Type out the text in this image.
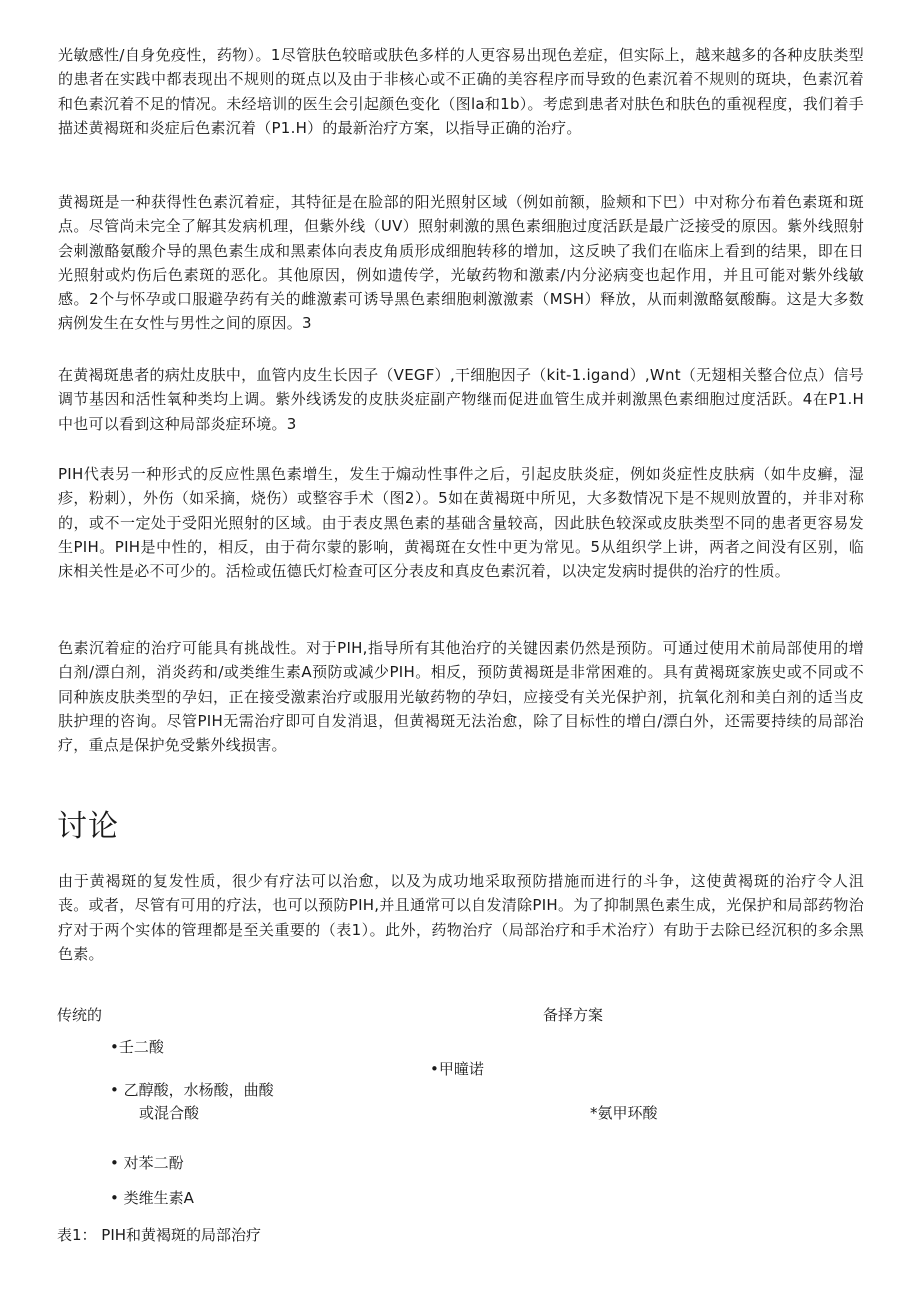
光敏感性/自身免疫性，药物）。1尽管肤色较暗或肤色多样的人更容易出现色差症，但实际上，越来越多的各种皮肤类型的患者在实践中都表现出不规则的斑点以及由于非核心或不正确的美容程序而导致的色素沉着不规则的斑块，色素沉着和色素沉着不足的情况。未经培训的医生会引起颜色变化（图la和1b）。考虑到患者对肤色和肤色的重视程度，我们着手描述黄褐斑和炎症后色素沉着（P1.H）的最新治疗方案，以指导正确的治疗。

黄褐斑是一种获得性色素沉着症，其特征是在脸部的阳光照射区域（例如前额，脸颊和下巴）中对称分布着色素斑和斑点。尽管尚未完全了解其发病机理，但紫外线（UV）照射刺激的黑色素细胞过度活跃是最广泛接受的原因。紫外线照射会刺激酪氨酸介导的黑色素生成和黑素体向表皮角质形成细胞转移的增加，这反映了我们在临床上看到的结果，即在日光照射或灼伤后色素斑的恶化。其他原因，例如遗传学，光敏药物和激素/内分泌病变也起作用，并且可能对紫外线敏感。2个与怀孕或口服避孕药有关的雌激素可诱导黑色素细胞刺激激素（MSH）释放，从而刺激酪氨酸酶。这是大多数病例发生在女性与男性之间的原因。3

在黄褐斑患者的病灶皮肤中，血管内皮生长因子（VEGF）,干细胞因子（kit-1.igand）,Wnt（无翅相关整合位点）信号调节基因和活性氧种类均上调。紫外线诱发的皮肤炎症副产物继而促进血管生成并刺激黑色素细胞过度活跃。4在P1.H中也可以看到这种局部炎症环境。3

PIH代表另一种形式的反应性黑色素增生，发生于煽动性事件之后，引起皮肤炎症，例如炎症性皮肤病（如牛皮癣，湿疹，粉刺），外伤（如采摘，烧伤）或整容手术（图2）。5如在黄褐斑中所见，大多数情况下是不规则放置的，并非对称的，或不一定处于受阳光照射的区域。由于表皮黑色素的基础含量较高，因此肤色较深或皮肤类型不同的患者更容易发生PIH。PIH是中性的，相反，由于荷尔蒙的影响，黄褐斑在女性中更为常见。5从组织学上讲，两者之间没有区别，临床相关性是必不可少的。活检或伍德氏灯检查可区分表皮和真皮色素沉着，以决定发病时提供的治疗的性质。

色素沉着症的治疗可能具有挑战性。对于PIH,指导所有其他治疗的关键因素仍然是预防。可通过使用术前局部使用的增白剂/漂白剂，消炎药和/或类维生素A预防或减少PIH。相反，预防黄褐斑是非常困难的。具有黄褐斑家族史或不同或不同种族皮肤类型的孕妇，正在接受激素治疗或服用光敏药物的孕妇，应接受有关光保护剂，抗氧化剂和美白剂的适当皮肤护理的咨询。尽管PIH无需治疗即可自发消退，但黄褐斑无法治愈，除了目标性的增白/漂白外，还需要持续的局部治疗，重点是保护免受紫外线损害。

讨论

由于黄褐斑的复发性质，很少有疗法可以治愈，以及为成功地采取预防措施而进行的斗争，这使黄褐斑的治疗令人沮丧。或者，尽管有可用的疗法，也可以预防PIH,并且通常可以自发清除PIH。为了抑制黑色素生成，光保护和局部药物治疗对于两个实体的管理都是至关重要的（表1）。此外，药物治疗（局部治疗和手术治疗）有助于去除已经沉积的多余黑色素。

传统的	备择方案
•壬二酸
• 乙醇酸，水杨酸，曲酸
或混合酸
• 对苯二酚
• 类维生素A
•甲曈诺
*氨甲环酸
表1： PIH和黄褐斑的局部治疗
